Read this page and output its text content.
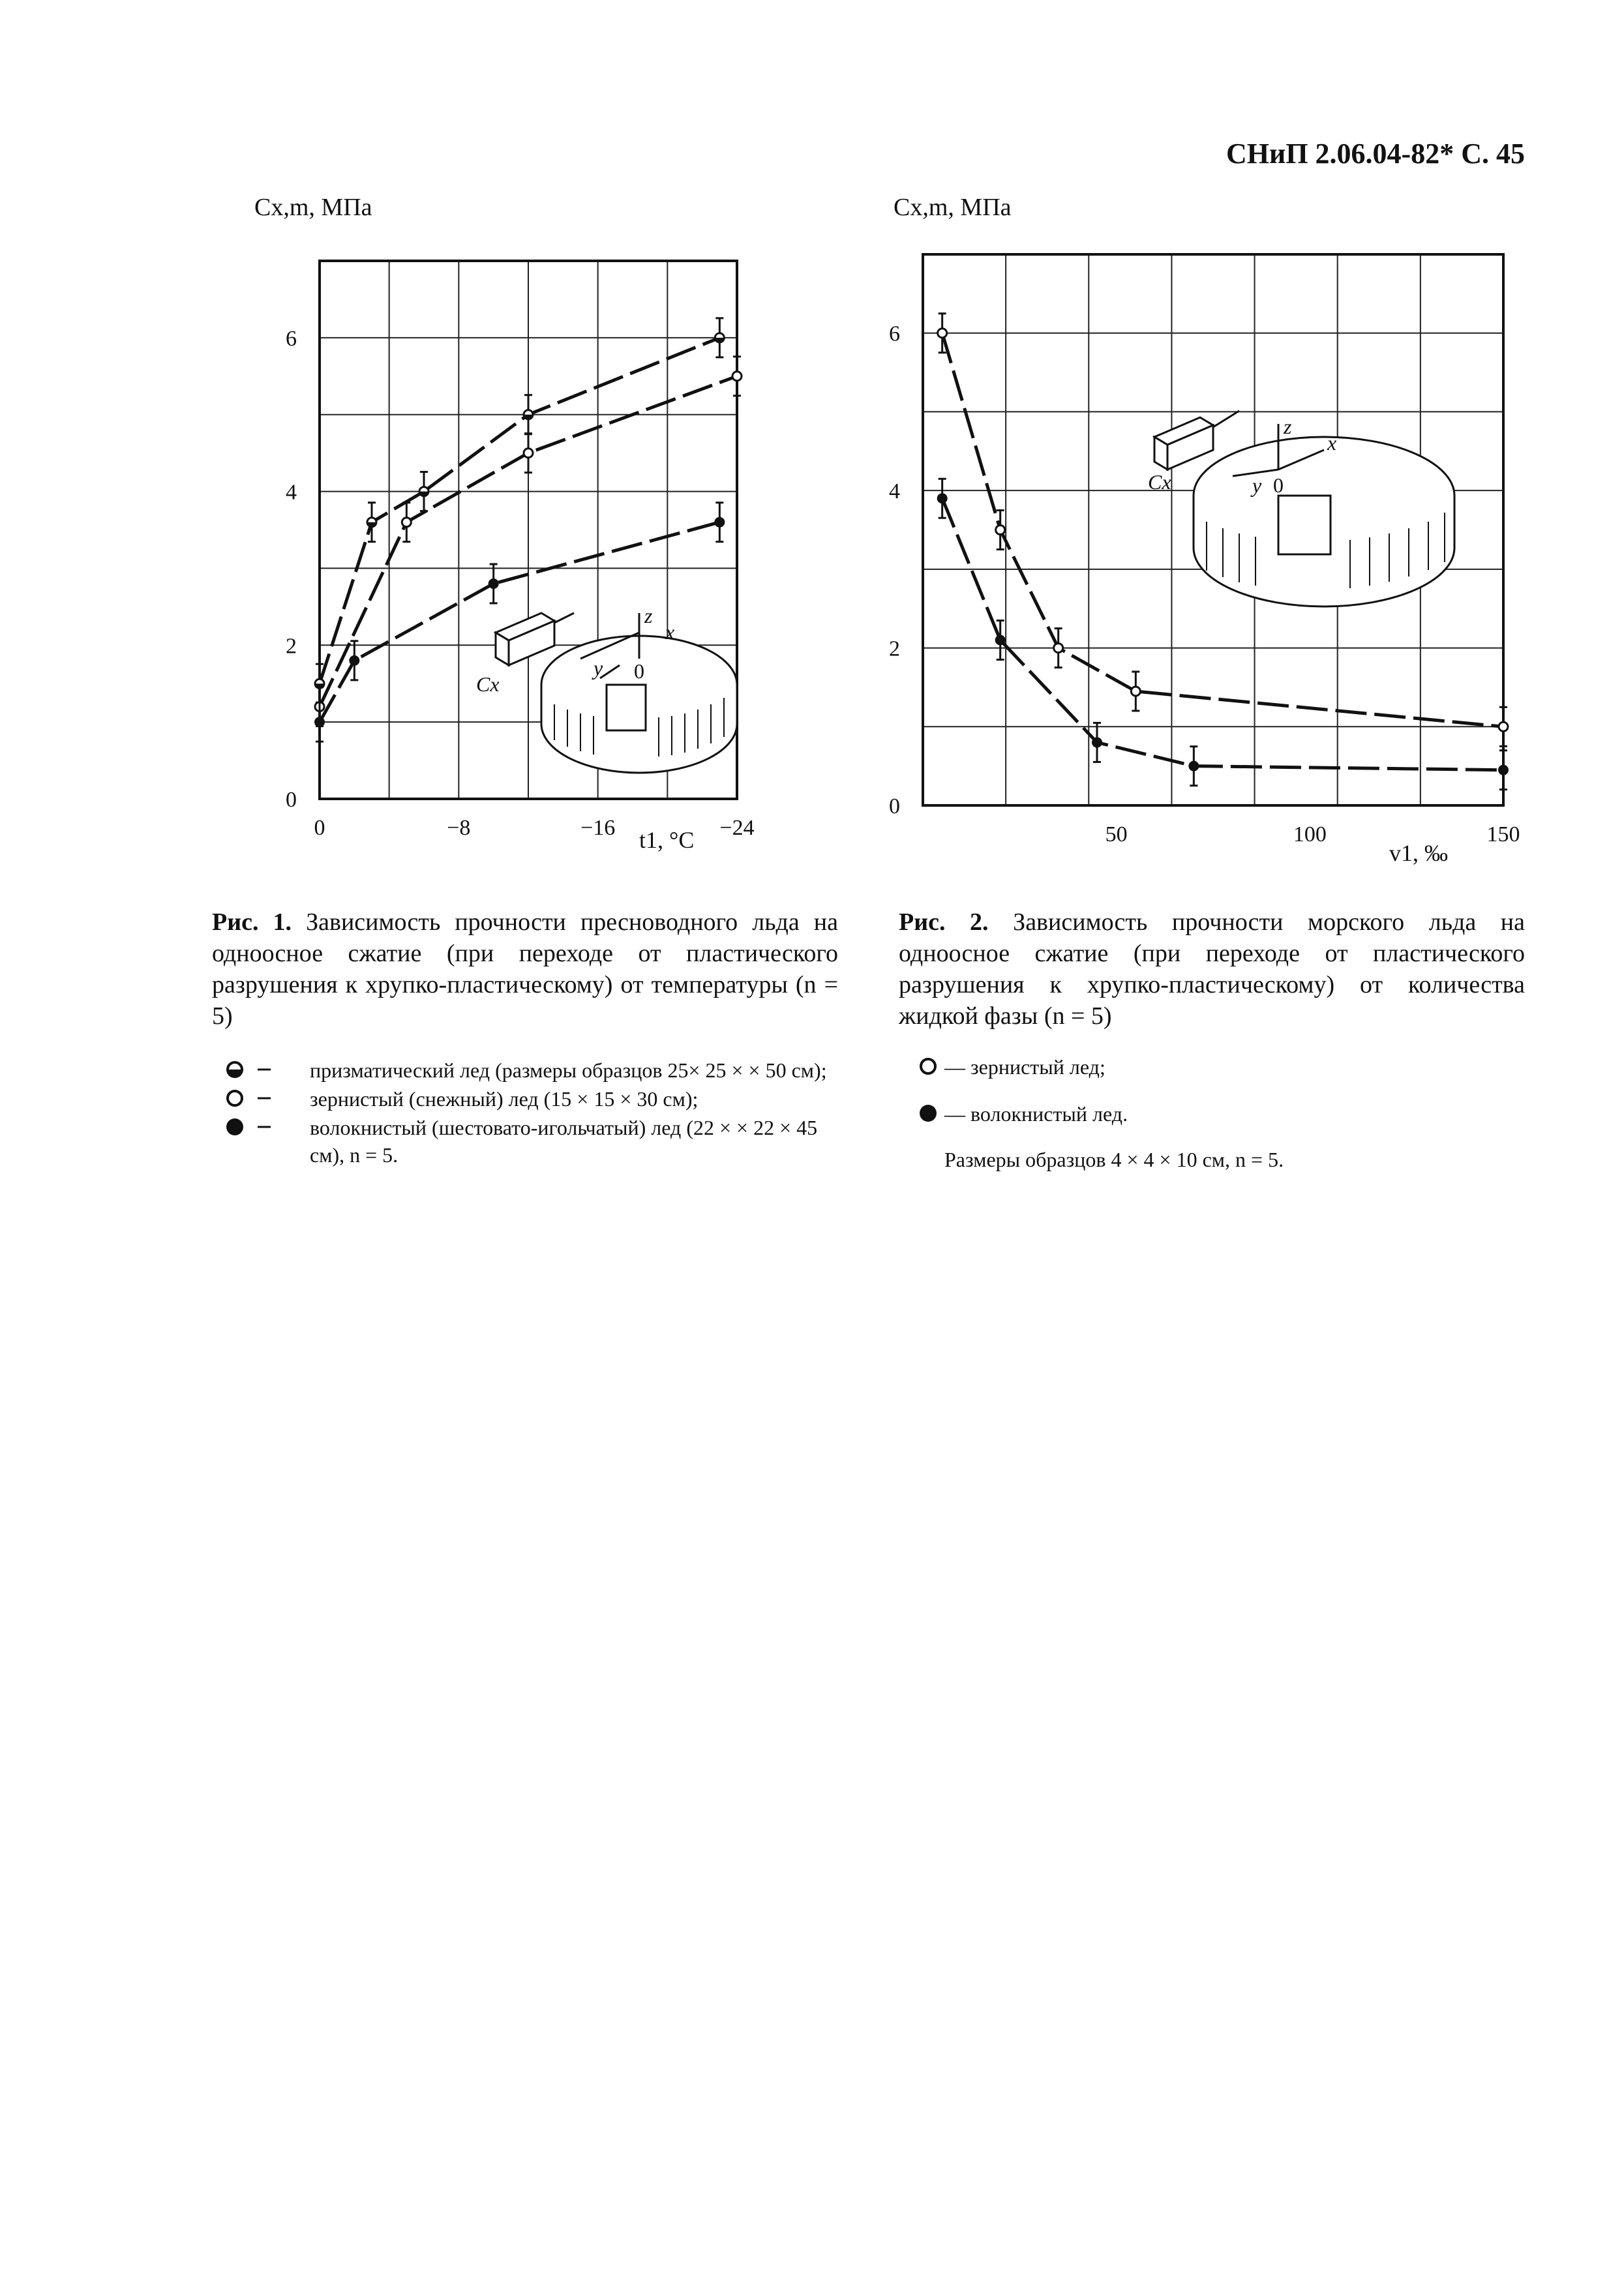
СНиП 2.06.04-82* С. 45
0
2
4
6
0	−8	−16	−24
Cx,m, МПа
t1, °C
Cx
z
x
y 0
0
2
4
6
50	100	150
Cx,m, МПа
v1, ‰
Cx
z
x
y 0
Рис. 1. Зависимость прочности пресноводного льда на одноосное сжатие (при переходе от пластического разрушения к хрупко-пластическому) от температуры (n = 5)
призматический лед (размеры образцов 25× 25 × × 50 см);
зернистый (снежный) лед (15 × 15 × 30 см);
волокнистый (шестовато-игольчатый) лед (22 × × 22 × 45 см), n = 5.
Рис. 2. Зависимость прочности морского льда на одноосное сжатие (при переходе от пластического разрушения к хрупко-пластическому) от количества жидкой фазы (n = 5)
— зернистый лед;
— волокнистый лед.
Размеры образцов 4 × 4 × 10 см, n = 5.
